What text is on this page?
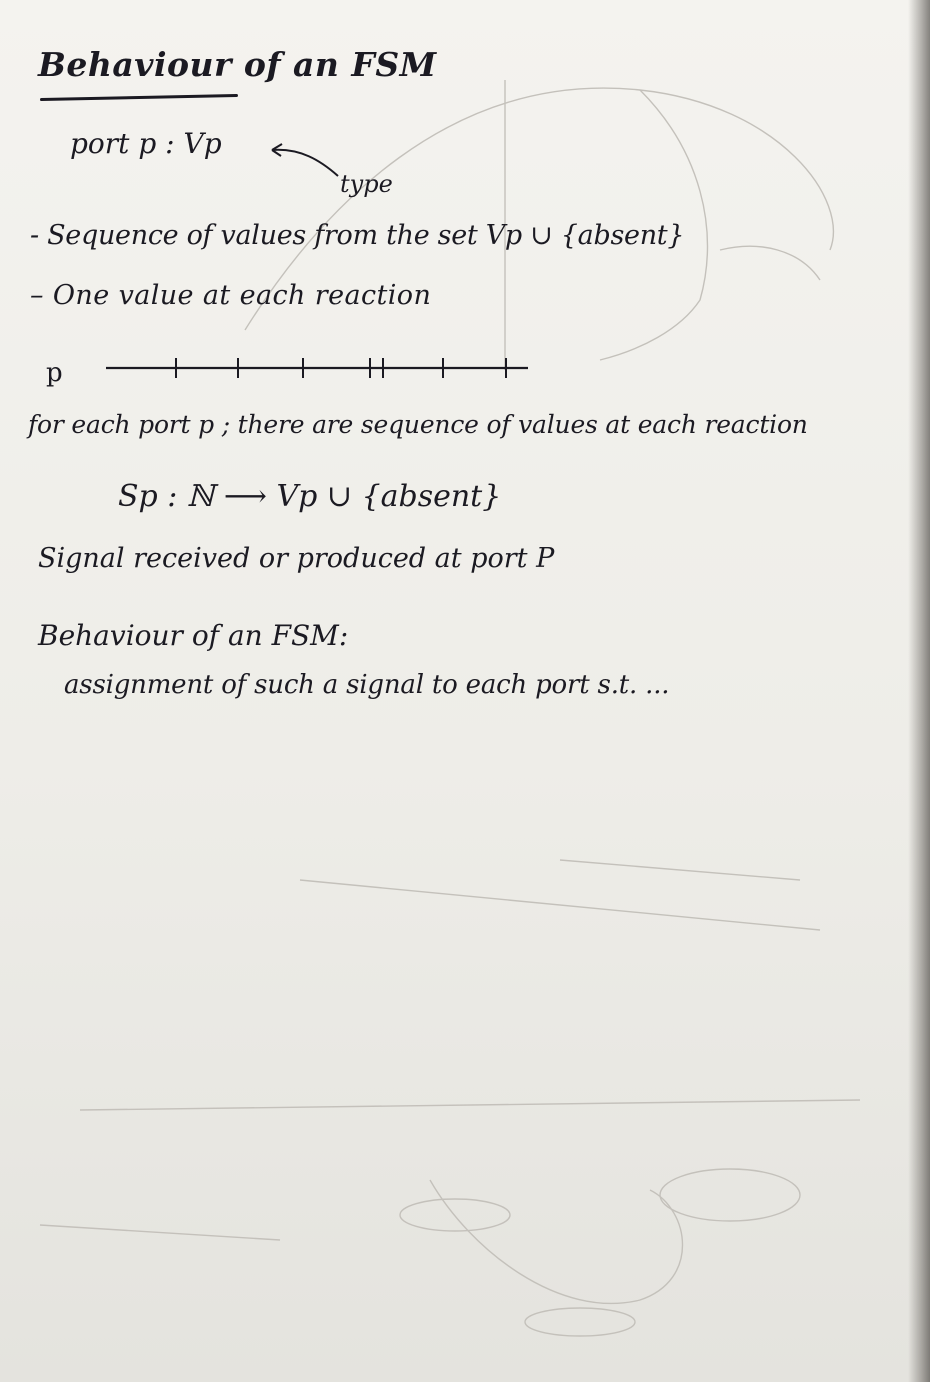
Behaviour of an FSM

port p : Vp

type

- Sequence of values from the set Vp ∪ {absent}

– One value at each reaction

p

for each port p ; there are sequence of values at each reaction

Sp : ℕ ⟶ Vp ∪ {absent}

Signal received or produced at port P

Behaviour of an FSM:

assignment of such a signal to each port s.t. ...
